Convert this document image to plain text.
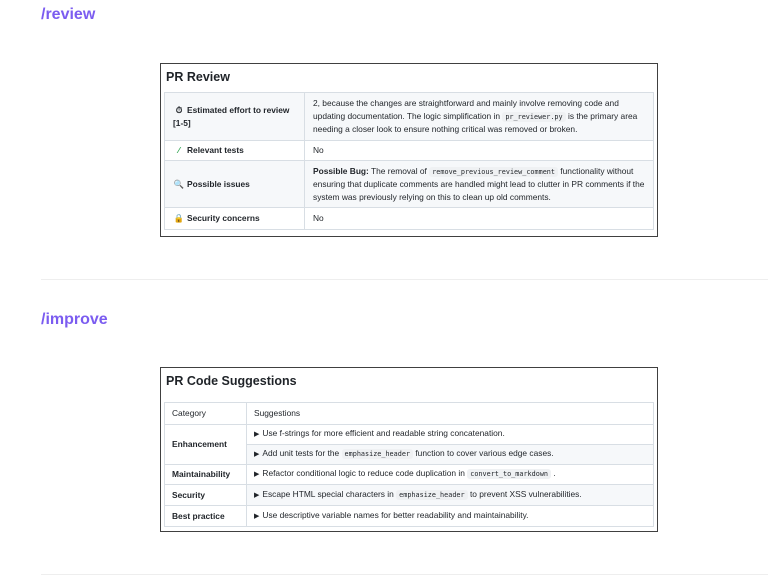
/review
PR Review
⏱ Estimated effort to review [1-5]	2, because the changes are straightforward and mainly involve removing code and updating documentation. The logic simplification in pr_reviewer.py is the primary area needing a closer look to ensure nothing critical was removed or broken.
⁄ Relevant tests	No
🔍 Possible issues	Possible Bug: The removal of remove_previous_review_comment functionality without ensuring that duplicate comments are handled might lead to clutter in PR comments if the system was previously relying on this to clean up old comments.
🔒 Security concerns	No
/improve
PR Code Suggestions
Category	Suggestions
Enhancement	▶ Use f-strings for more efficient and readable string concatenation.
	▶ Add unit tests for the emphasize_header function to cover various edge cases.
Maintainability	▶ Refactor conditional logic to reduce code duplication in convert_to_markdown .
Security	▶ Escape HTML special characters in emphasize_header to prevent XSS vulnerabilities.
Best practice	▶ Use descriptive variable names for better readability and maintainability.
